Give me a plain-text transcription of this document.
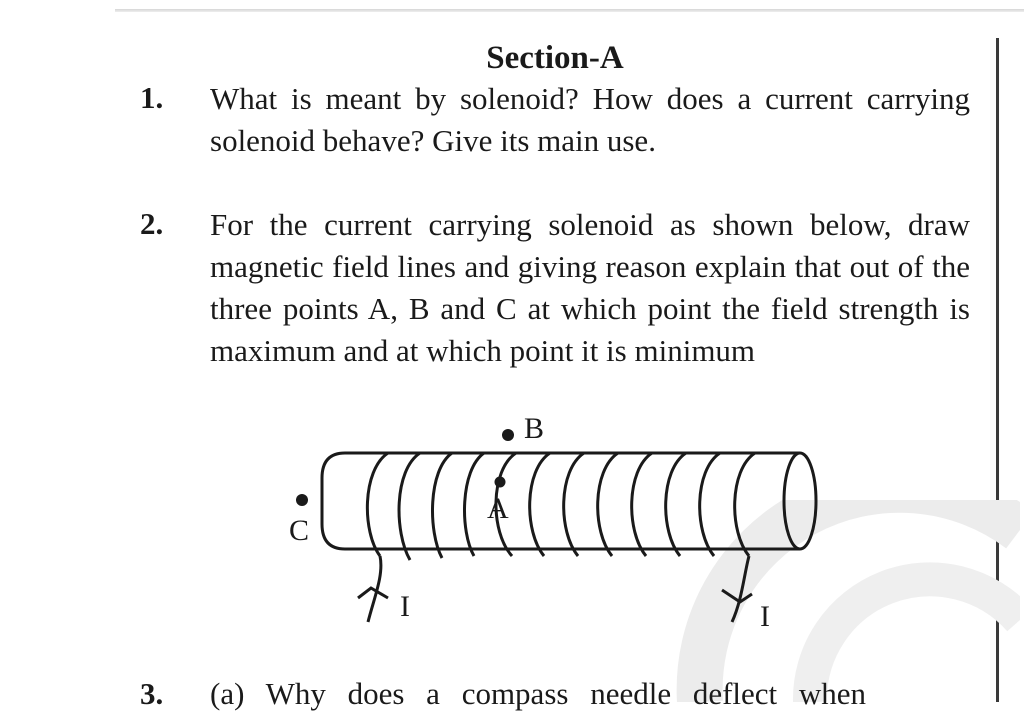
Section-A
1. What is meant by solenoid? How does a current carrying solenoid behave? Give its main use.
2. For the current carrying solenoid as shown below, draw magnetic field lines and giving reason explain that out of the three points A, B and C at which point the field strength is maximum and at which point it is minimum
B
A
C
I	I
3. (a) Why does a compass needle deflect when
